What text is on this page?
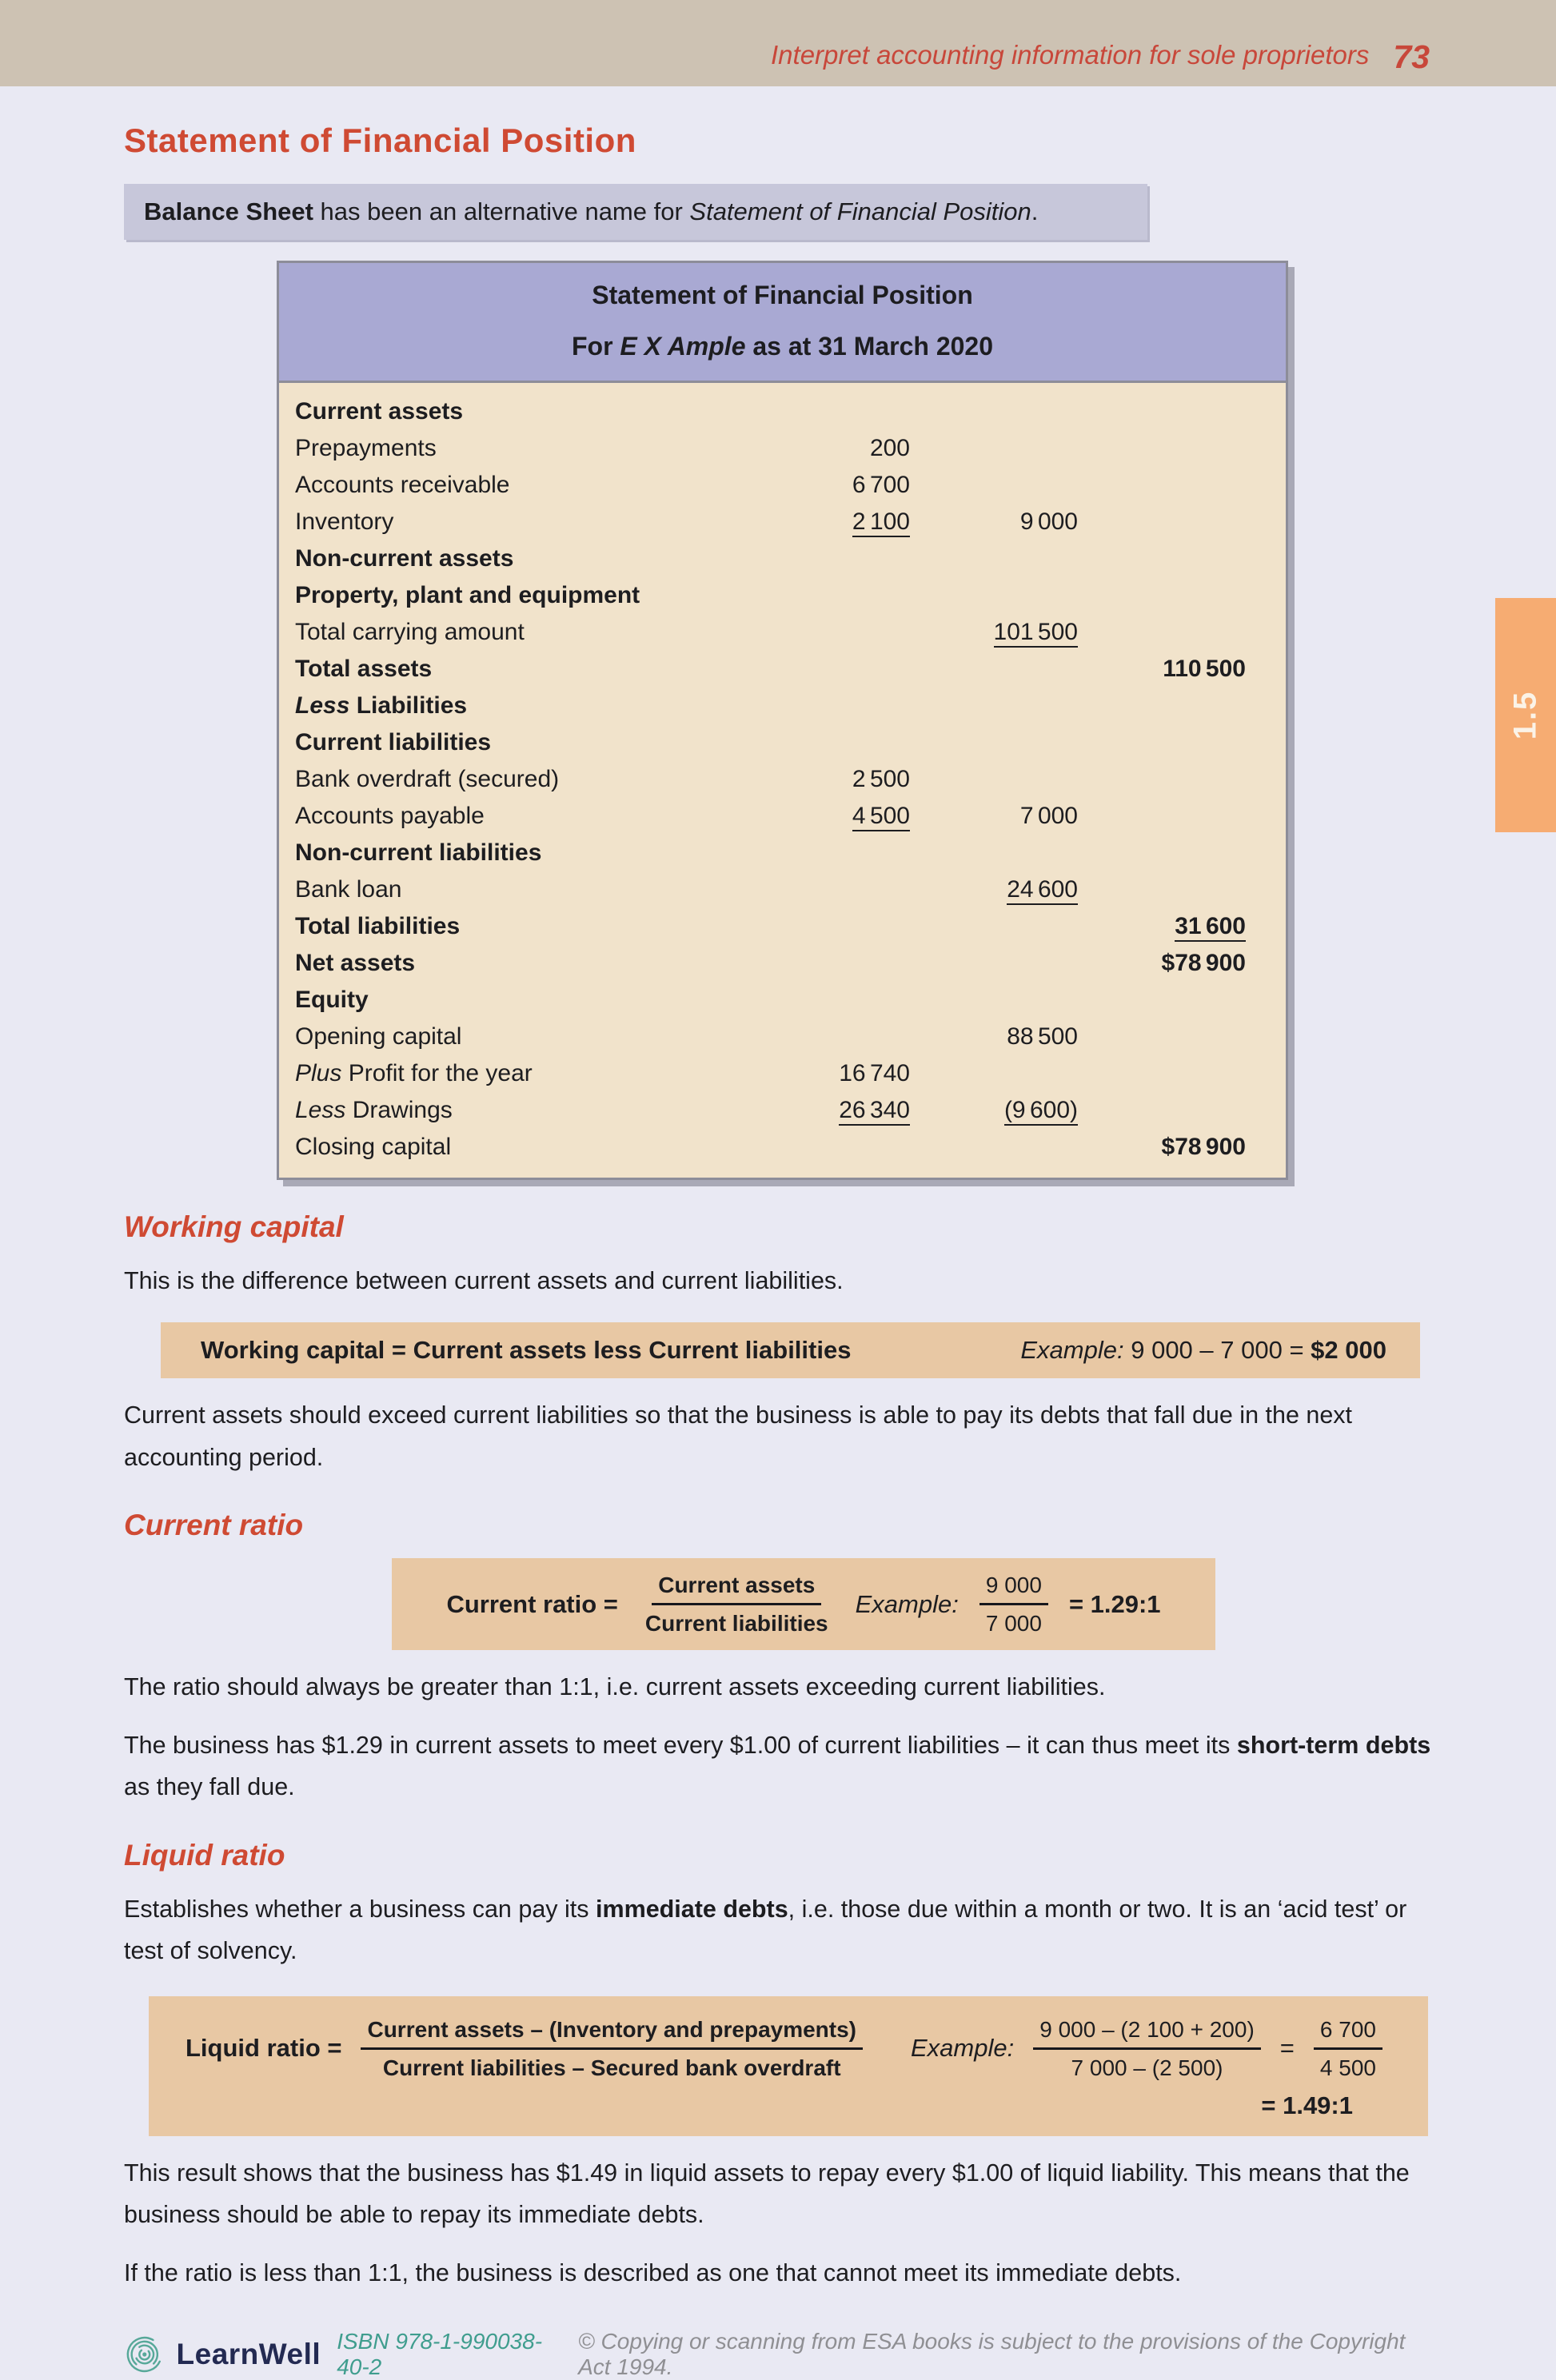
Interpret accounting information for sole proprietors 73
1.5
Statement of Financial Position
Balance Sheet has been an alternative name for Statement of Financial Position.
Statement of Financial Position
For E X Ample as at 31 March 2020
Current assets
Prepayments	200
Accounts receivable	6 700
Inventory	2 100	9 000
Non-current assets
Property, plant and equipment
Total carrying amount	101 500
Total assets	110 500
Less Liabilities
Current liabilities
Bank overdraft (secured)	2 500
Accounts payable	4 500	7 000
Non-current liabilities
Bank loan	24 600
Total liabilities	31 600
Net assets	$78 900
Equity
Opening capital	88 500
Plus Profit for the year	16 740
Less Drawings	26 340	(9 600)
Closing capital	$78 900
Working capital

This is the difference between current assets and current liabilities.

Working capital = Current assets less Current liabilities	Example: 9 000 – 7 000 = $2 000

Current assets should exceed current liabilities so that the business is able to pay its debts that fall due in the next accounting period.

Current ratio
Current ratio = $\frac{\text{Current assets}}{\text{Current liabilities}}$ Example: $\frac{9 000}{7 000}$ = 1.29:1

The ratio should always be greater than 1:1, i.e. current assets exceeding current liabilities.

The business has $1.29 in current assets to meet every $1.00 of current liabilities – it can thus meet its short-term debts as they fall due.

Liquid ratio

Establishes whether a business can pay its immediate debts, i.e. those due within a month or two. It is an ‘acid test’ or test of solvency.

Liquid ratio = $\frac{\text{Current assets – (Inventory and prepayments)}}{\text{Current liabilities – Secured bank overdraft}}$ Example: $\frac{9 000 - (2 100 + 200)}{7 000 - (2 500)} = \frac{6 700}{4 500}$
= 1.49:1

This result shows that the business has $1.49 in liquid assets to repay every $1.00 of liquid liability. This means that the business should be able to repay its immediate debts.

If the ratio is less than 1:1, the business is described as one that cannot meet its immediate debts.

LearnWell ISBN 978-1-990038-40-2
© Copying or scanning from ESA books is subject to the provisions of the Copyright Act 1994.
